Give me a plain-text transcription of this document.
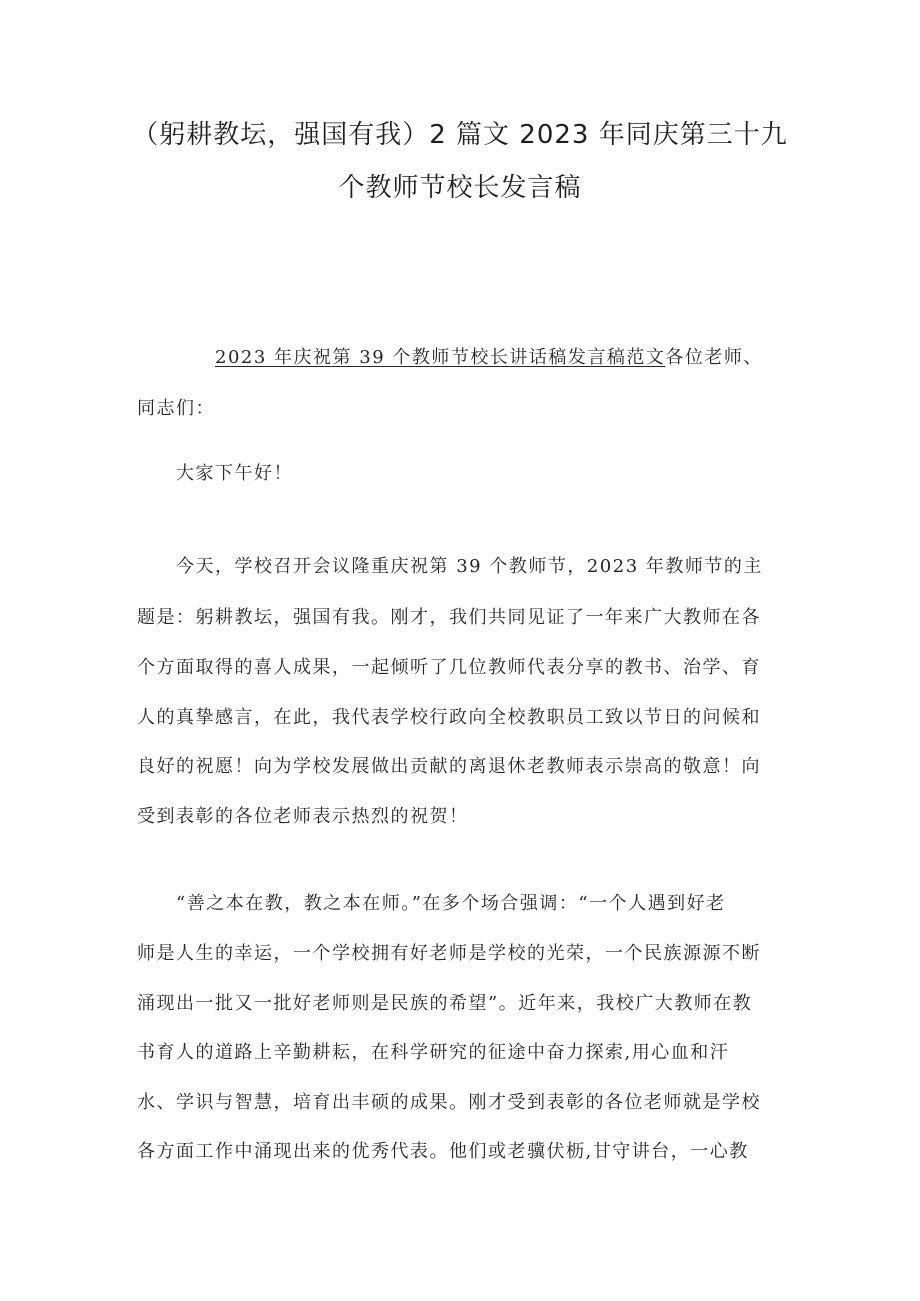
（躬耕教坛，强国有我）2 篇文 2023 年同庆第三十九
个教师节校长发言稿

2023 年庆祝第 39 个教师节校长讲话稿发言稿范文各位老师、

同志们：

大家下午好！

今天，学校召开会议隆重庆祝第 39 个教师节，2023 年教师节的主

题是：躬耕教坛，强国有我。刚才，我们共同见证了一年来广大教师在各

个方面取得的喜人成果，一起倾听了几位教师代表分享的教书、治学、育

人的真挚感言，在此，我代表学校行政向全校教职员工致以节日的问候和

良好的祝愿！向为学校发展做出贡献的离退休老教师表示崇高的敬意！向

受到表彰的各位老师表示热烈的祝贺！

“善之本在教，教之本在师。”在多个场合强调：“一个人遇到好老

师是人生的幸运，一个学校拥有好老师是学校的光荣，一个民族源源不断

涌现出一批又一批好老师则是民族的希望”。近年来，我校广大教师在教

书育人的道路上辛勤耕耘，在科学研究的征途中奋力探索,用心血和汗

水、学识与智慧，培育出丰硕的成果。刚才受到表彰的各位老师就是学校

各方面工作中涌现出来的优秀代表。他们或老骥伏枥,甘守讲台，一心教
